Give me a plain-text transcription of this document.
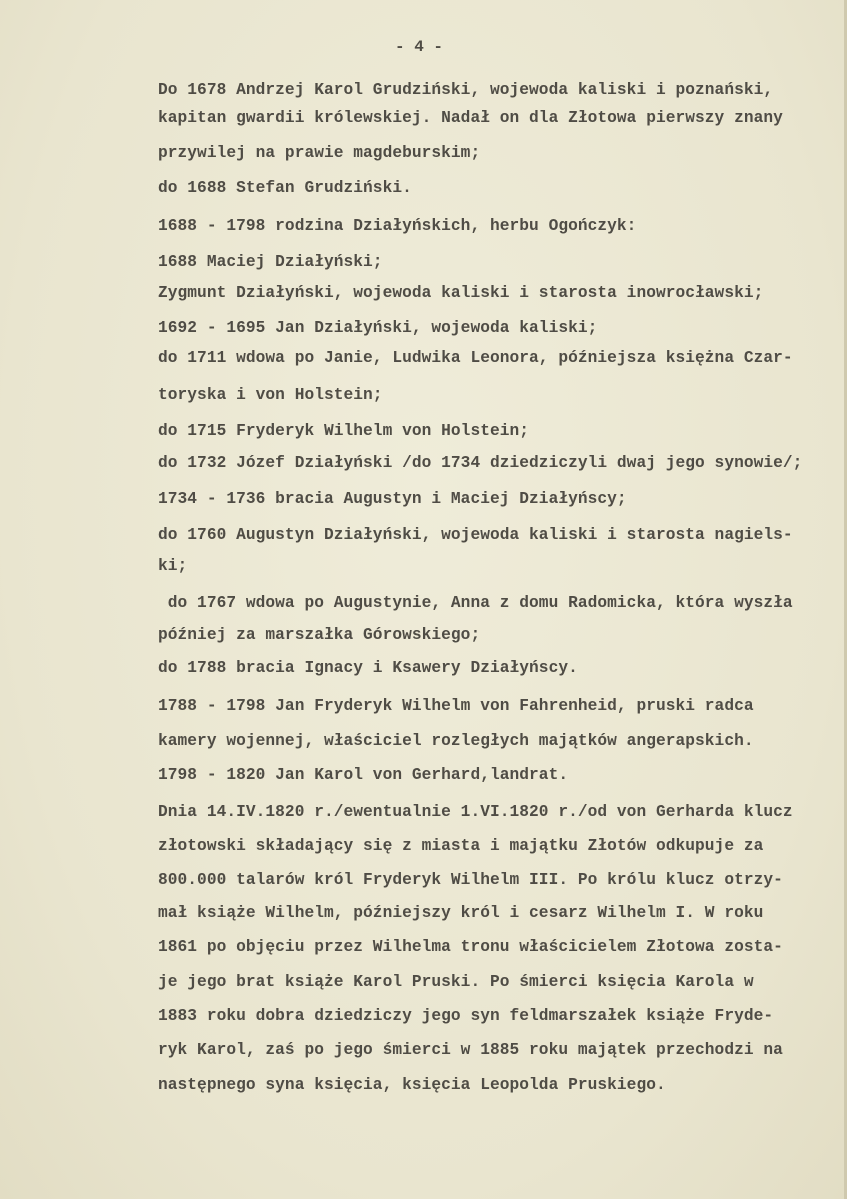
- 4 -
Do 1678 Andrzej Karol Grudziński, wojewoda kaliski i poznański,
kapitan gwardii królewskiej. Nadał on dla Złotowa pierwszy znany
przywilej na prawie magdeburskim;
do 1688 Stefan Grudziński.
1688 - 1798 rodzina Działyńskich, herbu Ogończyk:
1688 Maciej Działyński;
Zygmunt Działyński, wojewoda kaliski i starosta inowrocławski;
1692 - 1695 Jan Działyński, wojewoda kaliski;
do 1711 wdowa po Janie, Ludwika Leonora, późniejsza księżna Czar-
toryska i von Holstein;
do 1715 Fryderyk Wilhelm von Holstein;
do 1732 Józef Działyński /do 1734 dziedziczyli dwaj jego synowie/;
1734 - 1736 bracia Augustyn i Maciej Działyńscy;
do 1760 Augustyn Działyński, wojewoda kaliski i starosta nagiels-
ki;
do 1767 wdowa po Augustynie, Anna z domu Radomicka, która wyszła
później za marszałka Górowskiego;
do 1788 bracia Ignacy i Ksawery Działyńscy.
1788 - 1798 Jan Fryderyk Wilhelm von Fahrenheid, pruski radca
kamery wojennej, właściciel rozległych majątków angerapskich.
1798 - 1820 Jan Karol von Gerhard,landrat.
Dnia 14.IV.1820 r./ewentualnie 1.VI.1820 r./od von Gerharda klucz
złotowski składający się z miasta i majątku Złotów odkupuje za
800.000 talarów król Fryderyk Wilhelm III. Po królu klucz otrzy-
mał książe Wilhelm, późniejszy król i cesarz Wilhelm I. W roku
1861 po objęciu przez Wilhelma tronu właścicielem Złotowa zosta-
je jego brat książe Karol Pruski. Po śmierci księcia Karola w
1883 roku dobra dziedziczy jego syn feldmarszałek książe Fryde-
ryk Karol, zaś po jego śmierci w 1885 roku majątek przechodzi na
następnego syna księcia, księcia Leopolda Pruskiego.
